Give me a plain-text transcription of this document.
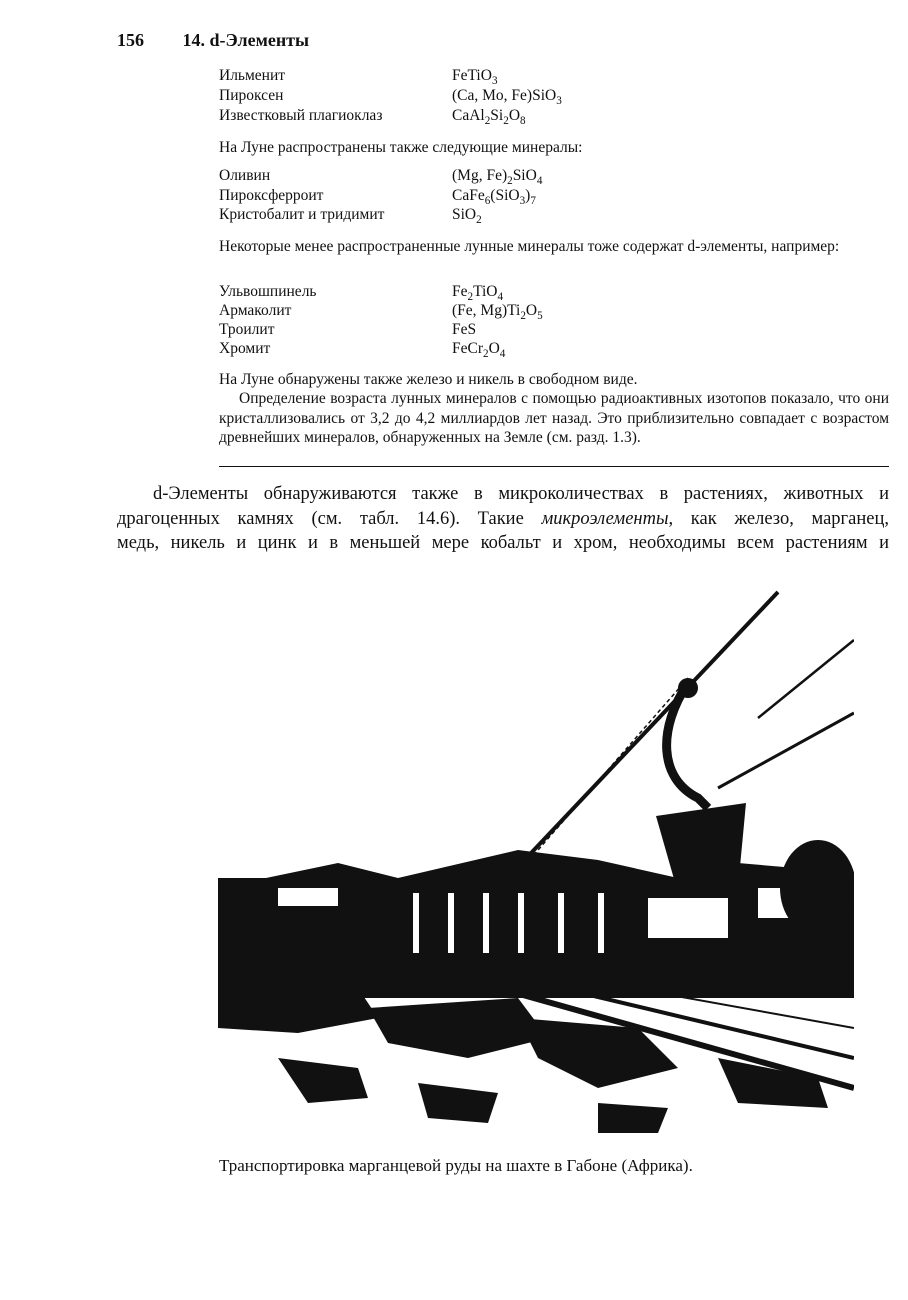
156 14. d-Элементы
Ильменит	FeTiO$_3$
Пироксен	(Ca, Mo, Fe)SiO$_3$
Известковый плагиоклаз	$CaAl_2Si_2O_8$
На Луне распространены также следующие минералы:
Оливин	(Mg, $Fe)_2SiO_4$
Пироксферроит	$CaFe_6(SiO_3)_7$
Кристобалит и тридимит	SiO$_2$
Некоторые менее распространенные лунные минералы тоже содержат d-элементы, например:
Ульвошпинель	$Fe_2TiO_4$
Армаколит	(Fe, $Mg)Ti_2O_5$
Троилит	FeS
Хромит	$FeCr_2O_4$
На Луне обнаружены также железо и никель в свободном виде.
Определение возраста лунных минералов с помощью радиоактивных изотопов показало, что они кристаллизовались от 3,2 до 4,2 миллиардов лет назад. Это приблизительно совпадает с возрастом древнейших минералов, обнаруженных на Земле (см. разд. 1.3).
d-Элементы обнаруживаются также в микроколичествах в растениях, животных и
драгоценных камнях (см. табл. 14.6). Такие микроэлементы, как железо, марганец,
медь, никель и цинк и в меньшей мере кобальт и хром, необходимы всем растениям и
Транспортировка марганцевой руды на шахте в Габоне (Африка).
